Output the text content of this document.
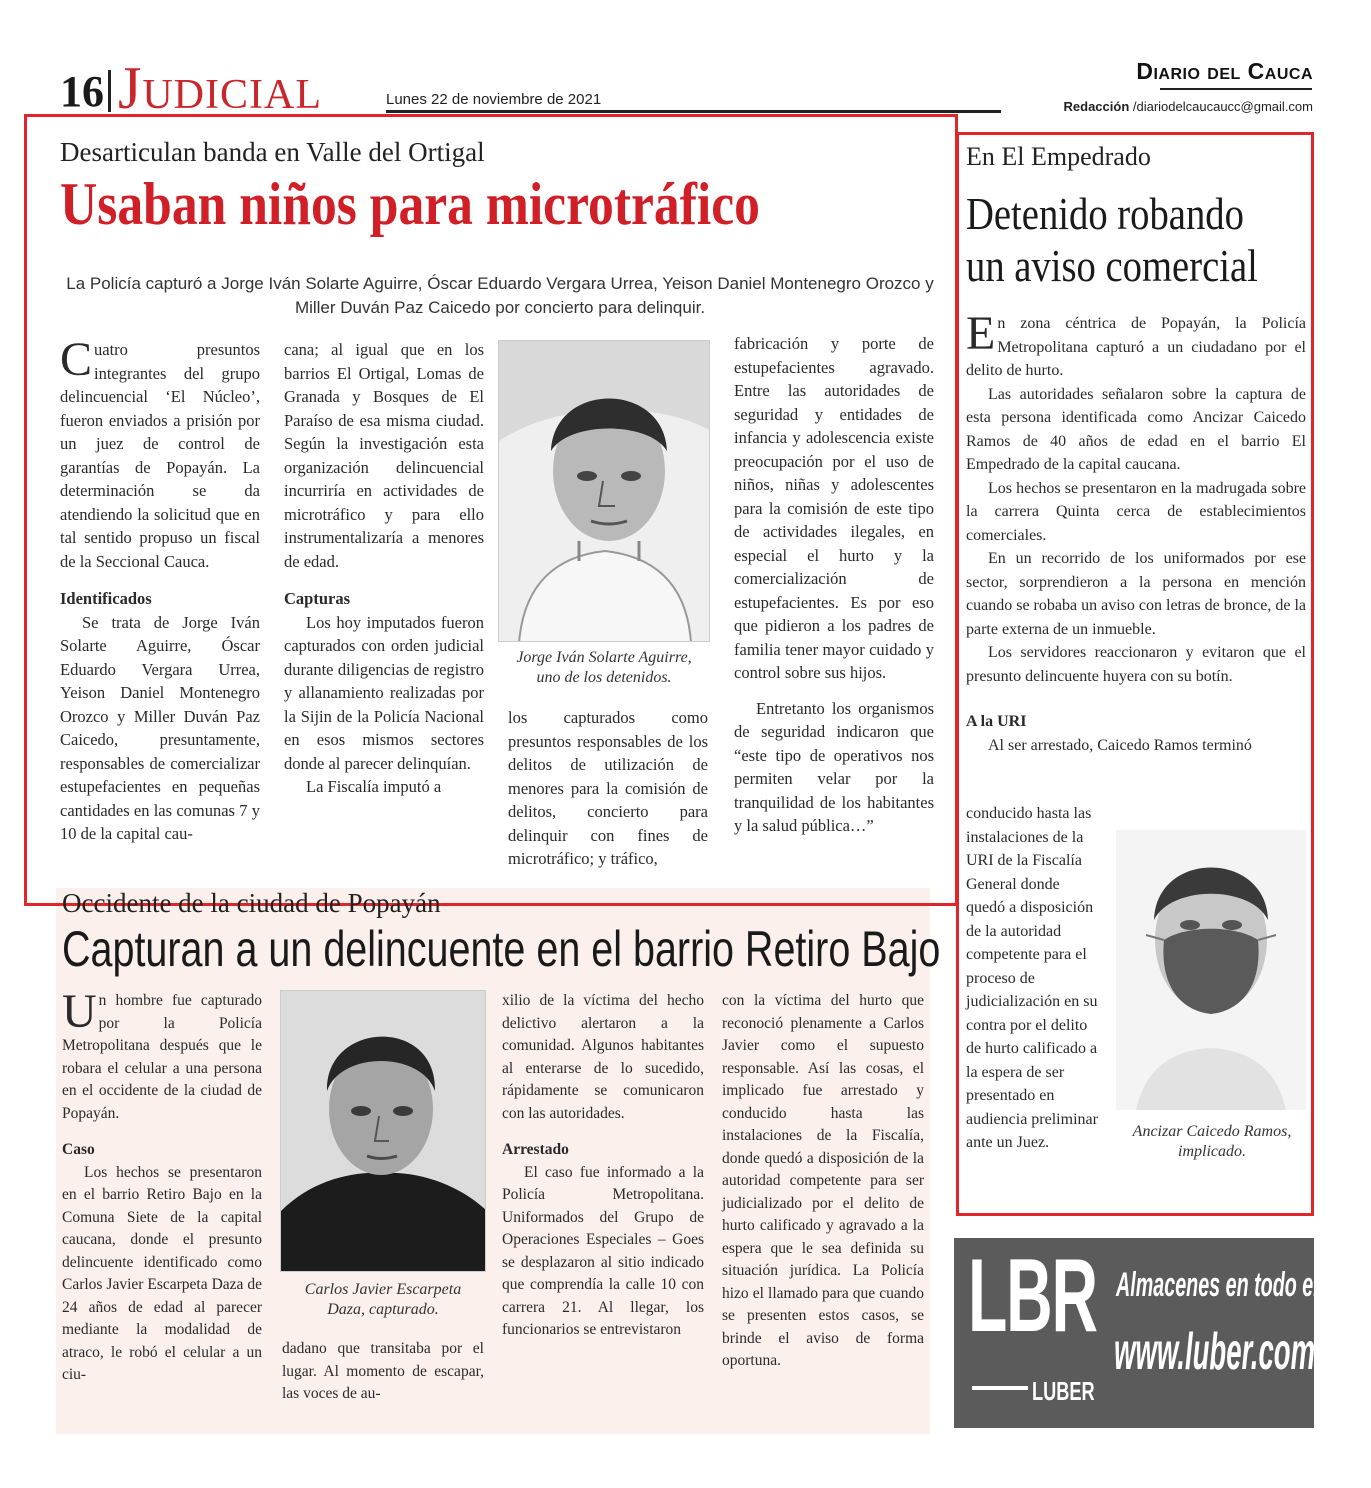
16 Judicial	Lunes 22 de noviembre de 2021
Diario del Cauca
Redacción /diariodelcaucaucc@gmail.com
Desarticulan banda en Valle del Ortigal
Usaban niños para microtráfico
La Policía capturó a Jorge Iván Solarte Aguirre, Óscar Eduardo Vergara Urrea, Yeison Daniel Montenegro Orozco y Miller Duván Paz Caicedo por concierto para delinquir.

Cuatro presuntos integrantes del grupo delincuencial ‘El Núcleo’, fueron enviados a prisión por un juez de control de garantías de Popayán. La determinación se da atendiendo la solicitud que en tal sentido propuso un fiscal de la Seccional Cauca.

Identificados

Se trata de Jorge Iván Solarte Aguirre, Óscar Eduardo Vergara Urrea, Yeison Daniel Montenegro Orozco y Miller Duván Paz Caicedo, presuntamente, responsables de comercializar estupefacientes en pequeñas cantidades en las comunas 7 y 10 de la capital cau-

cana; al igual que en los barrios El Ortigal, Lomas de Granada y Bosques de El Paraíso de esa misma ciudad. Según la investigación esta organización delincuencial incurriría en actividades de microtráfico y para ello instrumentalizaría a menores de edad.

Capturas

Los hoy imputados fueron capturados con orden judicial durante diligencias de registro y allanamiento realizadas por la Sijin de la Policía Nacional en esos mismos sectores donde al parecer delinquían.

La Fiscalía imputó a

Jorge Iván Solarte Aguirre, uno de los detenidos.

los capturados como presuntos responsables de los delitos de utilización de menores para la comisión de delitos, concierto para delinquir con fines de microtráfico; y tráfico,

fabricación y porte de estupefacientes agravado. Entre las autoridades de seguridad y entidades de infancia y adolescencia existe preocupación por el uso de niños, niñas y adolescentes para la comisión de este tipo de actividades ilegales, en especial el hurto y la comercialización de estupefacientes. Es por eso que pidieron a los padres de familia tener mayor cuidado y control sobre sus hijos.

Entretanto los organismos de seguridad indicaron que “este tipo de operativos nos permiten velar por la tranquilidad de los habitantes y la salud pública…”

Occidente de la ciudad de Popayán
Capturan a un delincuente en el barrio Retiro Bajo

Un hombre fue capturado por la Policía Metropolitana después que le robara el celular a una persona en el occidente de la ciudad de Popayán.

Caso

Los hechos se presentaron en el barrio Retiro Bajo en la Comuna Siete de la capital caucana, donde el presunto delincuente identificado como Carlos Javier Escarpeta Daza de 24 años de edad al parecer mediante la modalidad de atraco, le robó el celular a un ciu-

Carlos Javier Escarpeta Daza, capturado.

dadano que transitaba por el lugar. Al momento de escapar, las voces de au-

xilio de la víctima del hecho delictivo alertaron a la comunidad. Algunos habitantes al enterarse de lo sucedido, rápidamente se comunicaron con las autoridades.

Arrestado

El caso fue informado a la Policía Metropolitana. Uniformados del Grupo de Operaciones Especiales – Goes se desplazaron al sitio indicado que comprendía la calle 10 con carrera 21. Al llegar, los funcionarios se entrevistaron

con la víctima del hurto que reconoció plenamente a Carlos Javier como el supuesto responsable. Así las cosas, el implicado fue arrestado y conducido hasta las instalaciones de la Fiscalía, donde quedó a disposición de la autoridad competente para ser judicializado por el delito de hurto calificado y agravado a la espera que le sea definida su situación jurídica. La Policía hizo el llamado para que cuando se presenten estos casos, se brinde el aviso de forma oportuna.

En El Empedrado
Detenido robando
un aviso comercial

En zona céntrica de Popayán, la Policía Metropolitana capturó a un ciudadano por el delito de hurto.

Las autoridades señalaron sobre la captura de esta persona identificada como Ancizar Caicedo Ramos de 40 años de edad en el barrio El Empedrado de la capital caucana.

Los hechos se presentaron en la madrugada sobre la carrera Quinta cerca de establecimientos comerciales.

En un recorrido de los uniformados por ese sector, sorprendieron a la persona en mención cuando se robaba un aviso con letras de bronce, de la parte externa de un inmueble.

Los servidores reaccionaron y evitaron que el presunto delincuente huyera con su botín.

A la URI

Al ser arrestado, Caicedo Ramos terminó

conducido hasta las instalaciones de la URI de la Fiscalía General donde quedó a disposición de la autoridad competente para el proceso de judicialización en su contra por el delito de hurto calificado a la espera de ser presentado en audiencia preliminar ante un Juez.

Ancizar Caicedo Ramos, implicado.
LBR
LUBER
Almacenes en todo el país
www.luber.com.co
